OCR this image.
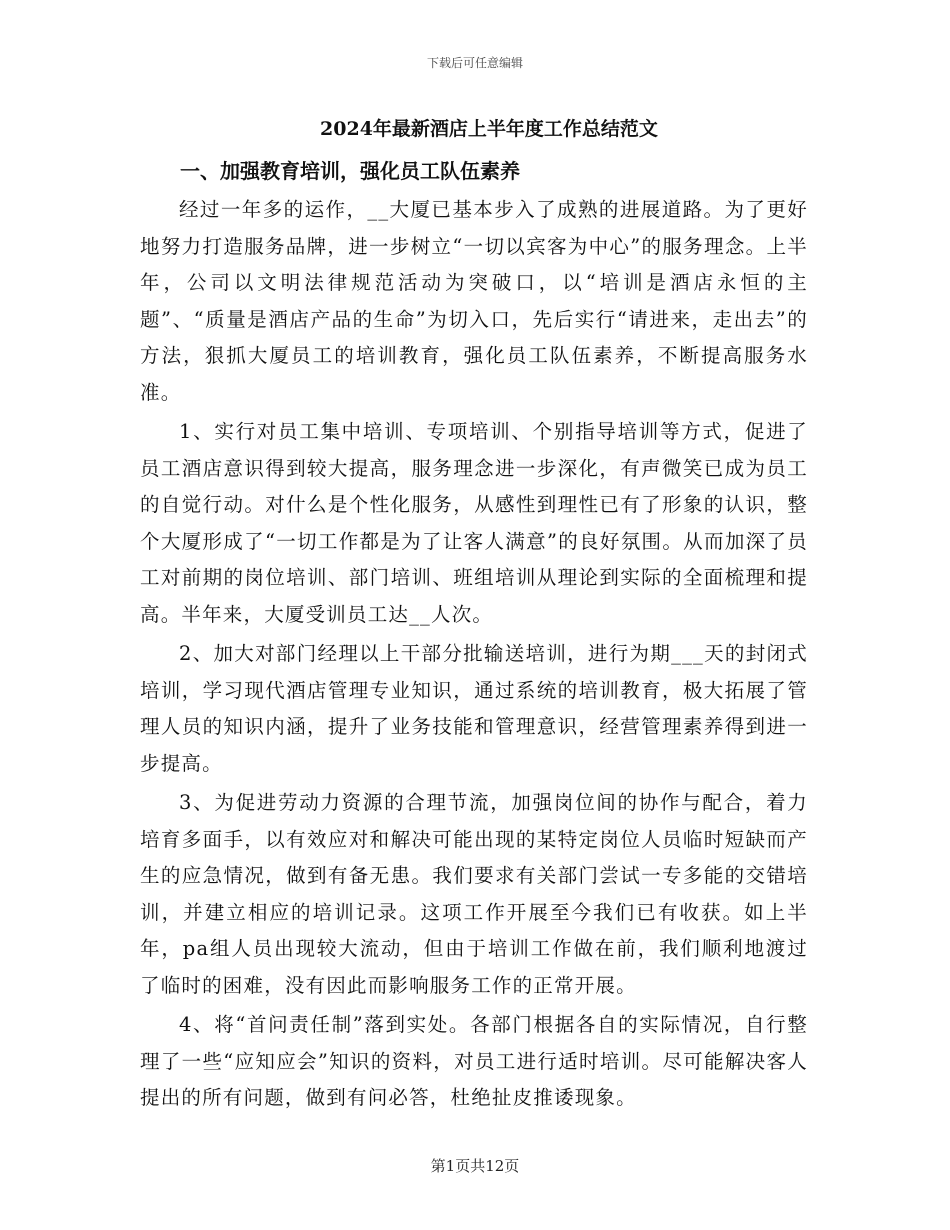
下载后可任意编辑
2024年最新酒店上半年度工作总结范文
一、加强教育培训，强化员工队伍素养

经过一年多的运作，__大厦已基本步入了成熟的进展道路。为了更好地努力打造服务品牌，进一步树立“一切以宾客为中心”的服务理念。上半年，公司以文明法律规范活动为突破口，以“培训是酒店永恒的主题”、“质量是酒店产品的生命”为切入口，先后实行“请进来，走出去”的方法，狠抓大厦员工的培训教育，强化员工队伍素养，不断提高服务水准。

1、实行对员工集中培训、专项培训、个别指导培训等方式，促进了员工酒店意识得到较大提高，服务理念进一步深化，有声微笑已成为员工的自觉行动。对什么是个性化服务，从感性到理性已有了形象的认识，整个大厦形成了“一切工作都是为了让客人满意”的良好氛围。从而加深了员工对前期的岗位培训、部门培训、班组培训从理论到实际的全面梳理和提高。半年来，大厦受训员工达__人次。

2、加大对部门经理以上干部分批输送培训，进行为期___天的封闭式培训，学习现代酒店管理专业知识，通过系统的培训教育，极大拓展了管理人员的知识内涵，提升了业务技能和管理意识，经营管理素养得到进一步提高。

3、为促进劳动力资源的合理节流，加强岗位间的协作与配合，着力培育多面手，以有效应对和解决可能出现的某特定岗位人员临时短缺而产生的应急情况，做到有备无患。我们要求有关部门尝试一专多能的交错培训，并建立相应的培训记录。这项工作开展至今我们已有收获。如上半年，pa组人员出现较大流动，但由于培训工作做在前，我们顺利地渡过了临时的困难，没有因此而影响服务工作的正常开展。

4、将“首问责任制”落到实处。各部门根据各自的实际情况，自行整理了一些“应知应会”知识的资料，对员工进行适时培训。尽可能解决客人提出的所有问题，做到有问必答，杜绝扯皮推诿现象。

第1页共12页
